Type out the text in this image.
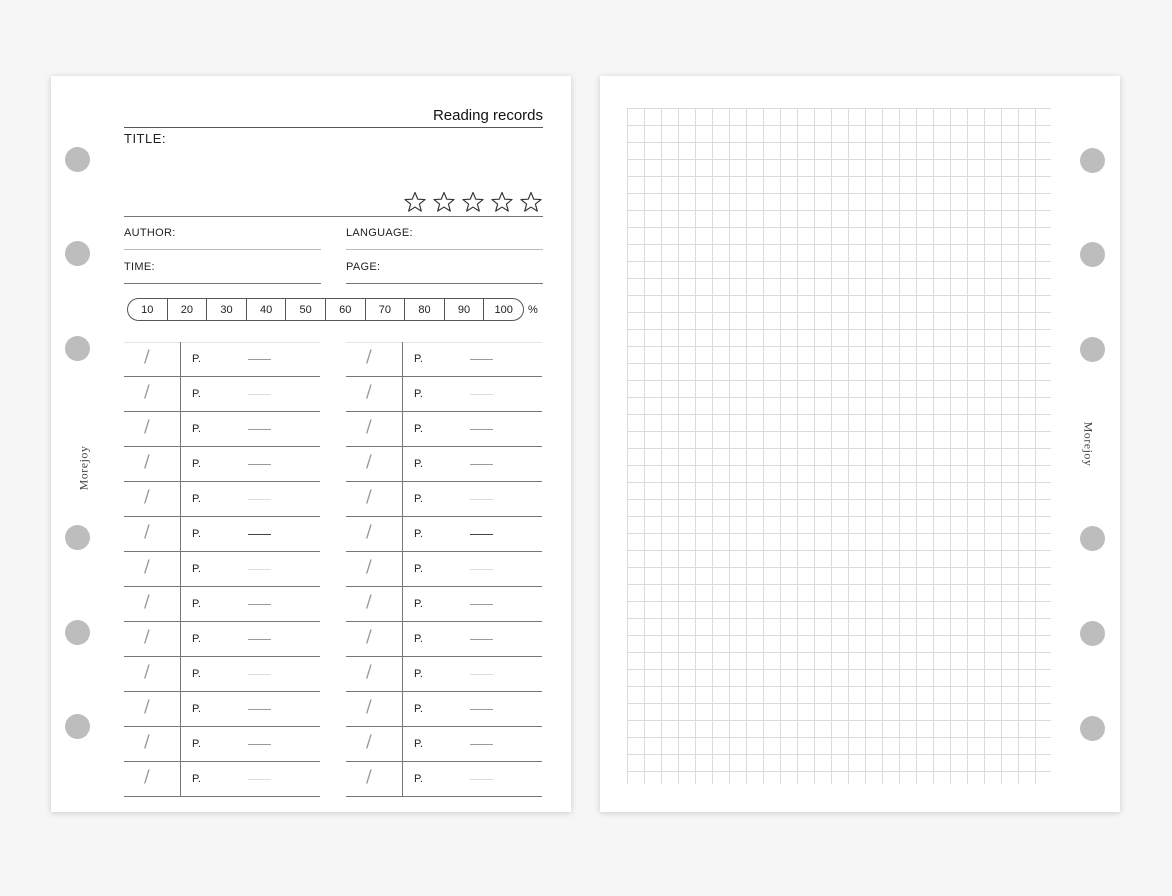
Morejoy
Reading records
TITLE:
AUTHOR:	LANGUAGE:
TIME:	PAGE:
10	20	30	40	50	60	70	80	90	100	%
/	P.
/	P.
/	P.
/	P.
/	P.
/	P.
/	P.
/	P.
/	P.
/	P.
/	P.
/	P.
/	P.
/	P.
/	P.
/	P.
/	P.
/	P.
/	P.
/	P.
/	P.
/	P.
/	P.
/	P.
/	P.
/	P.
Morejoy
